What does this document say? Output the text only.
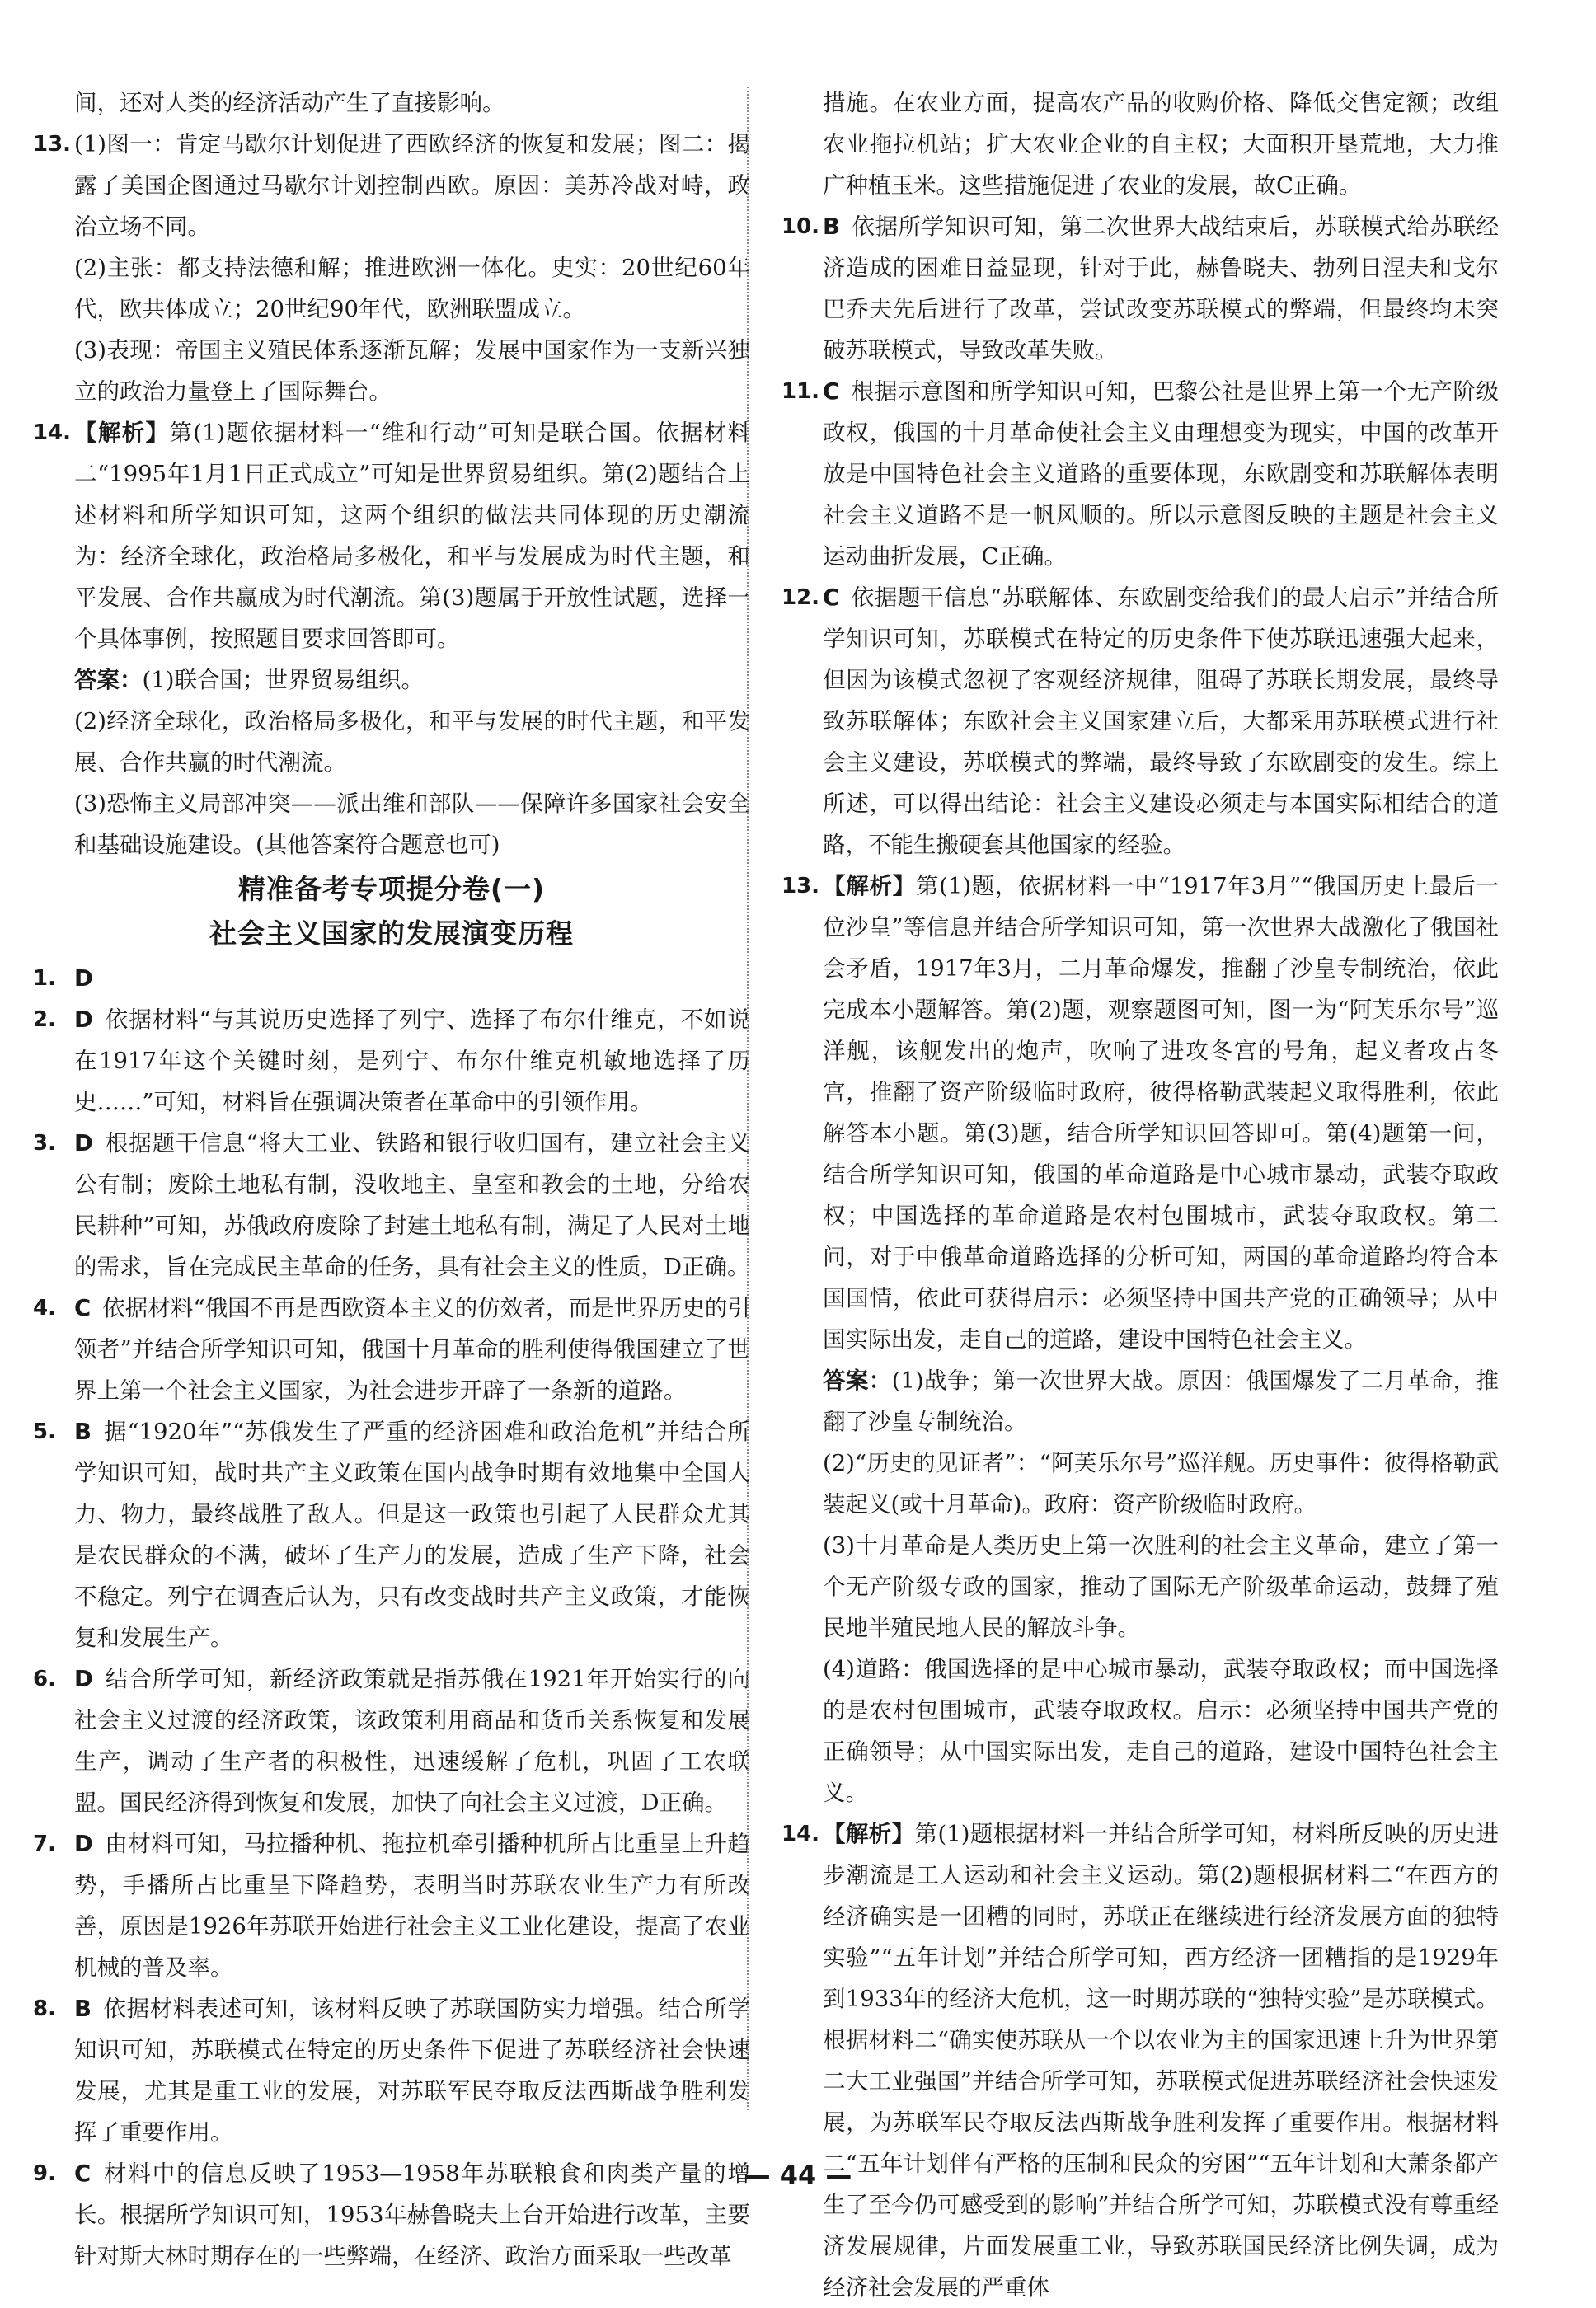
间，还对人类的经济活动产生了直接影响。
13. (1)图一：肯定马歇尔计划促进了西欧经济的恢复和发展；图二：揭露了美国企图通过马歇尔计划控制西欧。原因：美苏冷战对峙，政治立场不同。
(2)主张：都支持法德和解；推进欧洲一体化。史实：20世纪60年代，欧共体成立；20世纪90年代，欧洲联盟成立。
(3)表现：帝国主义殖民体系逐渐瓦解；发展中国家作为一支新兴独立的政治力量登上了国际舞台。
14. 【解析】第(1)题依据材料一“维和行动”可知是联合国。依据材料二“1995年1月1日正式成立”可知是世界贸易组织。第(2)题结合上述材料和所学知识可知，这两个组织的做法共同体现的历史潮流为：经济全球化，政治格局多极化，和平与发展成为时代主题，和平发展、合作共赢成为时代潮流。第(3)题属于开放性试题，选择一个具体事例，按照题目要求回答即可。
答案：(1)联合国；世界贸易组织。
(2)经济全球化，政治格局多极化，和平与发展的时代主题，和平发展、合作共赢的时代潮流。
(3)恐怖主义局部冲突——派出维和部队——保障许多国家社会安全和基础设施建设。(其他答案符合题意也可)
精准备考专项提分卷(一)
社会主义国家的发展演变历程
1. D
2. D 依据材料“与其说历史选择了列宁、选择了布尔什维克，不如说在1917年这个关键时刻，是列宁、布尔什维克机敏地选择了历史……”可知，材料旨在强调决策者在革命中的引领作用。
3. D 根据题干信息“将大工业、铁路和银行收归国有，建立社会主义公有制；废除土地私有制，没收地主、皇室和教会的土地，分给农民耕种”可知，苏俄政府废除了封建土地私有制，满足了人民对土地的需求，旨在完成民主革命的任务，具有社会主义的性质，D正确。
4. C 依据材料“俄国不再是西欧资本主义的仿效者，而是世界历史的引领者”并结合所学知识可知，俄国十月革命的胜利使得俄国建立了世界上第一个社会主义国家，为社会进步开辟了一条新的道路。
5. B 据“1920年”“苏俄发生了严重的经济困难和政治危机”并结合所学知识可知，战时共产主义政策在国内战争时期有效地集中全国人力、物力，最终战胜了敌人。但是这一政策也引起了人民群众尤其是农民群众的不满，破坏了生产力的发展，造成了生产下降，社会不稳定。列宁在调查后认为，只有改变战时共产主义政策，才能恢复和发展生产。
6. D 结合所学可知，新经济政策就是指苏俄在1921年开始实行的向社会主义过渡的经济政策，该政策利用商品和货币关系恢复和发展生产，调动了生产者的积极性，迅速缓解了危机，巩固了工农联盟。国民经济得到恢复和发展，加快了向社会主义过渡，D正确。
7. D 由材料可知，马拉播种机、拖拉机牵引播种机所占比重呈上升趋势，手播所占比重呈下降趋势，表明当时苏联农业生产力有所改善，原因是1926年苏联开始进行社会主义工业化建设，提高了农业机械的普及率。
8. B 依据材料表述可知，该材料反映了苏联国防实力增强。结合所学知识可知，苏联模式在特定的历史条件下促进了苏联经济社会快速发展，尤其是重工业的发展，对苏联军民夺取反法西斯战争胜利发挥了重要作用。
9. C 材料中的信息反映了1953—1958年苏联粮食和肉类产量的增长。根据所学知识可知，1953年赫鲁晓夫上台开始进行改革，主要针对斯大林时期存在的一些弊端，在经济、政治方面采取一些改革
措施。在农业方面，提高农产品的收购价格、降低交售定额；改组农业拖拉机站；扩大农业企业的自主权；大面积开垦荒地，大力推广种植玉米。这些措施促进了农业的发展，故C正确。
10. B 依据所学知识可知，第二次世界大战结束后，苏联模式给苏联经济造成的困难日益显现，针对于此，赫鲁晓夫、勃列日涅夫和戈尔巴乔夫先后进行了改革，尝试改变苏联模式的弊端，但最终均未突破苏联模式，导致改革失败。
11. C 根据示意图和所学知识可知，巴黎公社是世界上第一个无产阶级政权，俄国的十月革命使社会主义由理想变为现实，中国的改革开放是中国特色社会主义道路的重要体现，东欧剧变和苏联解体表明社会主义道路不是一帆风顺的。所以示意图反映的主题是社会主义运动曲折发展，C正确。
12. C 依据题干信息“苏联解体、东欧剧变给我们的最大启示”并结合所学知识可知，苏联模式在特定的历史条件下使苏联迅速强大起来，但因为该模式忽视了客观经济规律，阻碍了苏联长期发展，最终导致苏联解体；东欧社会主义国家建立后，大都采用苏联模式进行社会主义建设，苏联模式的弊端，最终导致了东欧剧变的发生。综上所述，可以得出结论：社会主义建设必须走与本国实际相结合的道路，不能生搬硬套其他国家的经验。
13. 【解析】第(1)题，依据材料一中“1917年3月”“俄国历史上最后一位沙皇”等信息并结合所学知识可知，第一次世界大战激化了俄国社会矛盾，1917年3月，二月革命爆发，推翻了沙皇专制统治，依此完成本小题解答。第(2)题，观察题图可知，图一为“阿芙乐尔号”巡洋舰，该舰发出的炮声，吹响了进攻冬宫的号角，起义者攻占冬宫，推翻了资产阶级临时政府，彼得格勒武装起义取得胜利，依此解答本小题。第(3)题，结合所学知识回答即可。第(4)题第一问，结合所学知识可知，俄国的革命道路是中心城市暴动，武装夺取政权；中国选择的革命道路是农村包围城市，武装夺取政权。第二问，对于中俄革命道路选择的分析可知，两国的革命道路均符合本国国情，依此可获得启示：必须坚持中国共产党的正确领导；从中国实际出发，走自己的道路，建设中国特色社会主义。
答案：(1)战争；第一次世界大战。原因：俄国爆发了二月革命，推翻了沙皇专制统治。
(2)“历史的见证者”：“阿芙乐尔号”巡洋舰。历史事件：彼得格勒武装起义(或十月革命)。政府：资产阶级临时政府。
(3)十月革命是人类历史上第一次胜利的社会主义革命，建立了第一个无产阶级专政的国家，推动了国际无产阶级革命运动，鼓舞了殖民地半殖民地人民的解放斗争。
(4)道路：俄国选择的是中心城市暴动，武装夺取政权；而中国选择的是农村包围城市，武装夺取政权。启示：必须坚持中国共产党的正确领导；从中国实际出发，走自己的道路，建设中国特色社会主义。
14. 【解析】第(1)题根据材料一并结合所学可知，材料所反映的历史进步潮流是工人运动和社会主义运动。第(2)题根据材料二“在西方的经济确实是一团糟的同时，苏联正在继续进行经济发展方面的独特实验”“五年计划”并结合所学可知，西方经济一团糟指的是1929年到1933年的经济大危机，这一时期苏联的“独特实验”是苏联模式。根据材料二“确实使苏联从一个以农业为主的国家迅速上升为世界第二大工业强国”并结合所学可知，苏联模式促进苏联经济社会快速发展，为苏联军民夺取反法西斯战争胜利发挥了重要作用。根据材料二“五年计划伴有严格的压制和民众的穷困”“五年计划和大萧条都产生了至今仍可感受到的影响”并结合所学可知，苏联模式没有尊重经济发展规律，片面发展重工业，导致苏联国民经济比例失调，成为经济社会发展的严重体
— 44 —
